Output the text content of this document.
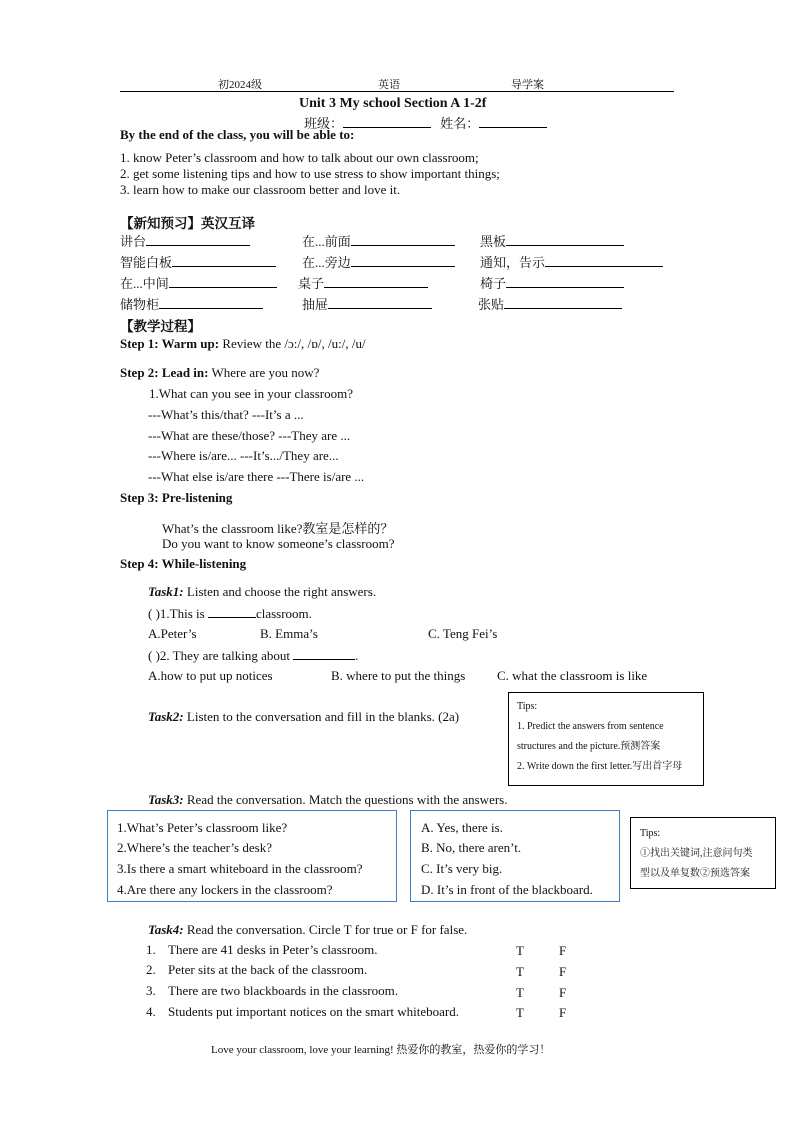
初2024级	英语	导学案
Unit 3 My school Section A 1-2f
班级：	姓名：
By the end of the class, you will be able to:
1. know Peter’s classroom and how to talk about our own classroom;
2. get some listening tips and how to use stress to show important things;
3. learn how to make our classroom better and love it.
【新知预习】英汉互译
讲台	在...前面	黑板
智能白板	在...旁边	通知，告示
在...中间	桌子	椅子
储物柜	抽屉	张贴
【教学过程】
Step 1: Warm up: Review the /ɔ:/, /ɒ/, /u:/, /u/
Step 2: Lead in: Where are you now?
1.What can you see in your classroom?
---What’s this/that? ---It’s a ...
---What are these/those? ---They are ...
---Where is/are... ---It’s.../They are...
---What else is/are there ---There is/are ...
Step 3: Pre-listening
What’s the classroom like?教室是怎样的？
Do you want to know someone’s classroom?
Step 4: While-listening
Task1: Listen and choose the right answers.
( )1.This is	classroom.
A.Peter’s	B. Emma’s	C. Teng Fei’s
( )2. They are talking about	.
A.how to put up notices	B. where to put the things C. what the classroom is like
Task2: Listen to the conversation and fill in the blanks. (2a)
Tips:
1. Predict the answers from sentence
structures and the picture.预测答案
2. Write down the first letter.写出首字母
Task3: Read the conversation. Match the questions with the answers.
1.What’s Peter’s classroom like?
2.Where’s the teacher’s desk?
3.Is there a smart whiteboard in the classroom?
4.Are there any lockers in the classroom?
A. Yes, there is.
B. No, there aren’t.
C. It’s very big.
D. It’s in front of the blackboard.
Tips:
①找出关键词,注意问句类
型以及单复数②预选答案
Task4: Read the conversation. Circle T for true or F for false.
1. There are 41 desks in Peter’s classroom.	T	F
2. Peter sits at the back of the classroom.	T	F
3. There are two blackboards in the classroom.	T	F
4. Students put important notices on the smart whiteboard.	T	F
Love your classroom, love your learning! 热爱你的教室，热爱你的学习！
